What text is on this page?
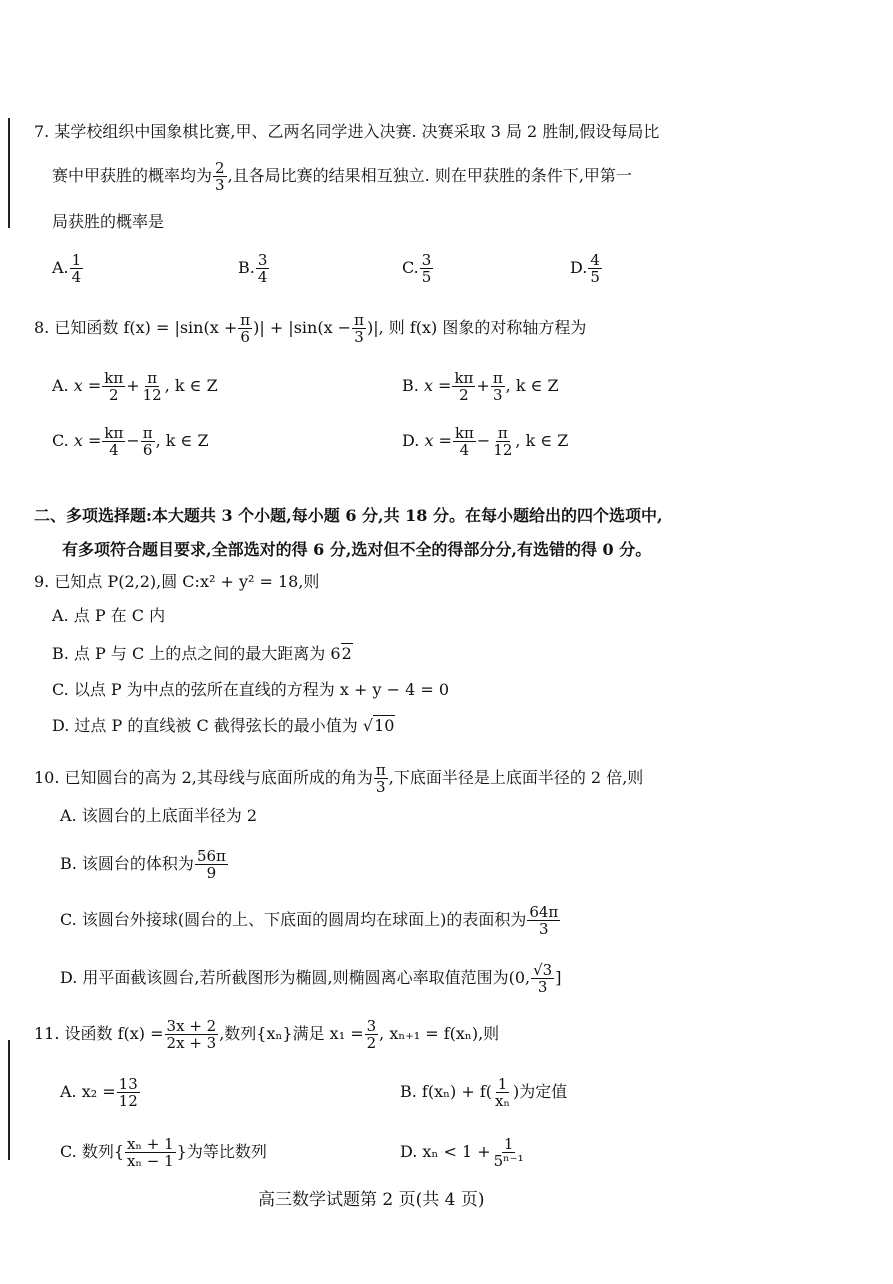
7. 某学校组织中国象棋比赛,甲、乙两名同学进入决赛. 决赛采取 3 局 2 胜制,假设每局比
赛中甲获胜的概率均为 $\frac{2}{3}$ ,且各局比赛的结果相互独立. 则在甲获胜的条件下,甲第一
局获胜的概率是
A. $\frac{1}{4}$	B. $\frac{3}{4}$	C. $\frac{3}{5}$	D. $\frac{4}{5}$
8. 已知函数 $f(x) = |\sin(x + \frac{\pi}{6}$ )| + $|\sin(x - \frac{\pi}{3}$ )|, 则 f(x) 图象的对称轴方程为
A. $x = \frac{k\pi}{2} + \frac{\pi}{12}$ , k ∈ Z	B. $x = \frac{k\pi}{2} + \frac{\pi}{3}$ , k ∈ Z
C. $x = \frac{k\pi}{4} - \frac{\pi}{6}$ , k ∈ Z	D. $x = \frac{k\pi}{4} - \frac{\pi}{12}$ , k ∈ Z
二、多项选择题:本大题共 3 个小题,每小题 6 分,共 18 分。在每小题给出的四个选项中,
有多项符合题目要求,全部选对的得 6 分,选对但不全的得部分分,有选错的得 0 分。
9. 已知点 P(2,2),圆 C:x² + y² = 18,则
A. 点 P 在 C 内
B. 点 P 与 C 上的点之间的最大距离为 62
C. 以点 P 为中点的弦所在直线的方程为 x + y − 4 = 0
D. 过点 P 的直线被 C 截得弦长的最小值为 √10
10. 已知圆台的高为 2,其母线与底面所成的角为 $\frac{\pi}{3}$ ,下底面半径是上底面半径的 2 倍,则
A. 该圆台的上底面半径为 2
B. 该圆台的体积为 $\frac{56\pi}{9}$
C. 该圆台外接球(圆台的上、下底面的圆周均在球面上)的表面积为 $\frac{64\pi}{3}$
D. 用平面截该圆台,若所截图形为椭圆,则椭圆离心率取值范围为(0, $\frac{√3}{3}$ ]
11. 设函数 $f(x) = \frac{3x + 2}{2x + 3}$ ,数列{xₙ}满足 $x_1 = \frac{3}{2}$ , xₙ₊₁ = f(xₙ),则
A. $x_2 = \frac{13}{12}$	B. $f(x_n) + f( \frac{1}{\text{xₙ}}$ )为定值
C. 数列{ $\frac{\text{xₙ + 1}}{\text{xₙ − 1}}$ }为等比数列	D. $x_n < 1 + \frac{1}{\text{5ⁿ⁻¹}}$
高三数学试题第 2 页(共 4 页)
